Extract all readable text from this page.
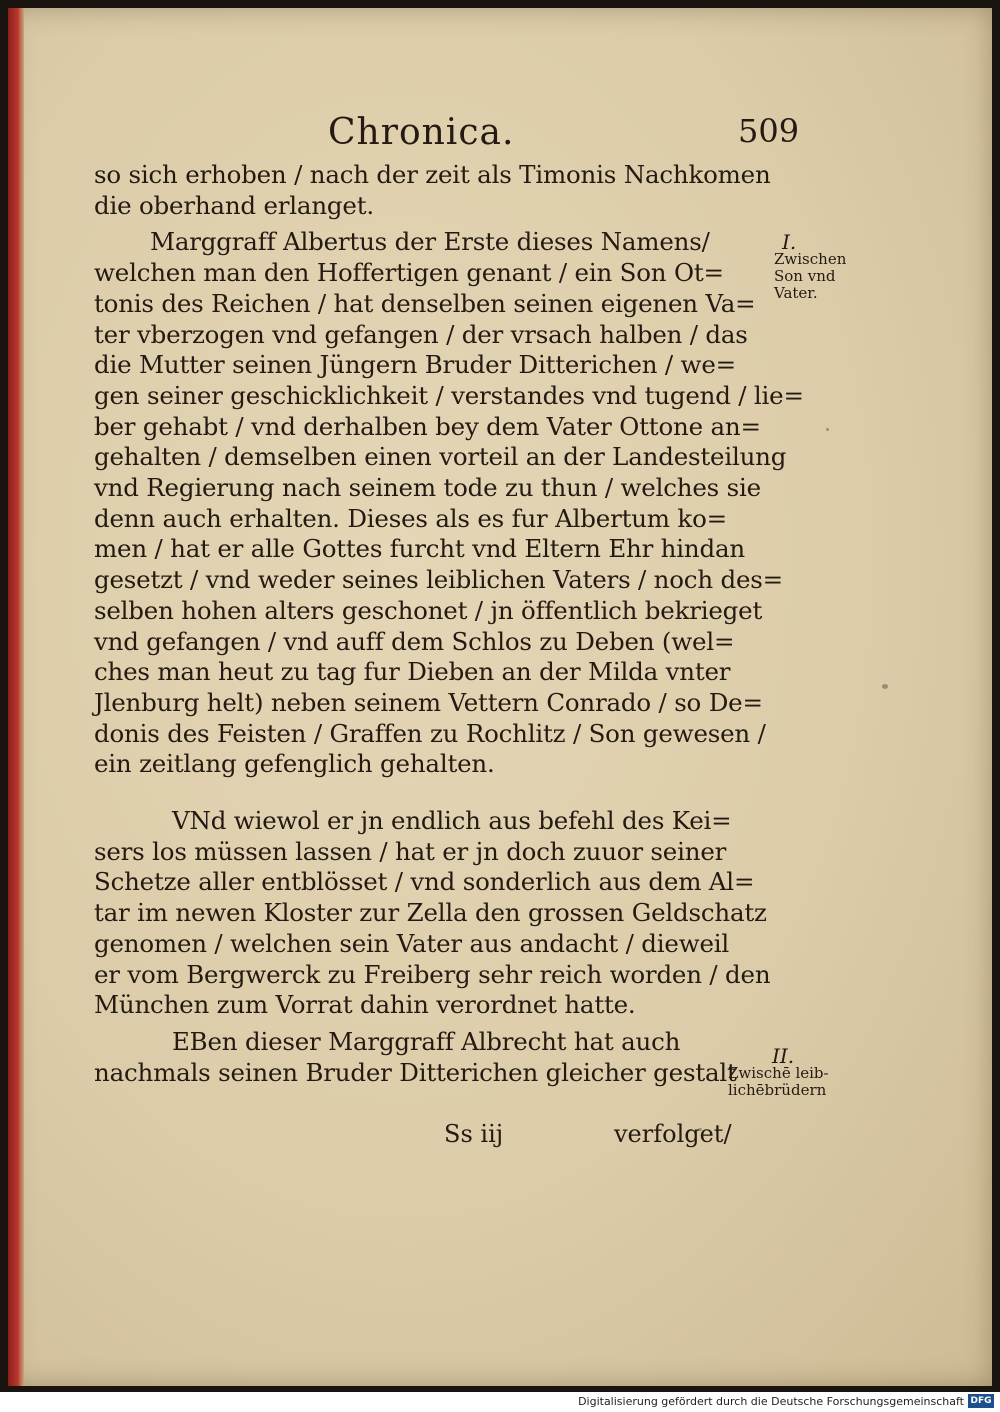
Chronica.	509
so sich erhoben / nach der zeit als Timonis Nachkomen
die oberhand erlanget.
Marggraff Albertus der Erste dieses Namens/
welchen man den Hoffertigen genant / ein Son Ot=
tonis des Reichen / hat denselben seinen eigenen Va=
ter vberzogen vnd gefangen / der vrsach halben / das
die Mutter seinen Jüngern Bruder Ditterichen / we=
gen seiner geschicklichkeit / verstandes vnd tugend / lie=
ber gehabt / vnd derhalben bey dem Vater Ottone an=
gehalten / demselben einen vorteil an der Landesteilung
vnd Regierung nach seinem tode zu thun / welches sie
denn auch erhalten. Dieses als es fur Albertum ko=
men / hat er alle Gottes furcht vnd Eltern Ehr hindan
gesetzt / vnd weder seines leiblichen Vaters / noch des=
selben hohen alters geschonet / jn öffentlich bekrieget
vnd gefangen / vnd auff dem Schlos zu Deben (wel=
ches man heut zu tag fur Dieben an der Milda vnter
Jlenburg helt) neben seinem Vettern Conrado / so De=
donis des Feisten / Graffen zu Rochlitz / Son gewesen /
ein zeitlang gefenglich gehalten.
VNd wiewol er jn endlich aus befehl des Kei=
sers los müssen lassen / hat er jn doch zuuor seiner
Schetze aller entblösset / vnd sonderlich aus dem Al=
tar im newen Kloster zur Zella den grossen Geldschatz
genomen / welchen sein Vater aus andacht / dieweil
er vom Bergwerck zu Freiberg sehr reich worden / den
München zum Vorrat dahin verordnet hatte.
EBen dieser Marggraff Albrecht hat auch
nachmals seinen Bruder Ditterichen gleicher gestalt
Ss iij	verfolget/
I.
Zwischen
Son vnd
Vater.
II.
Zwischē leib-
lichēbrüdern
Digitalisierung gefördert durch die Deutsche Forschungsgemeinschaft DFG
